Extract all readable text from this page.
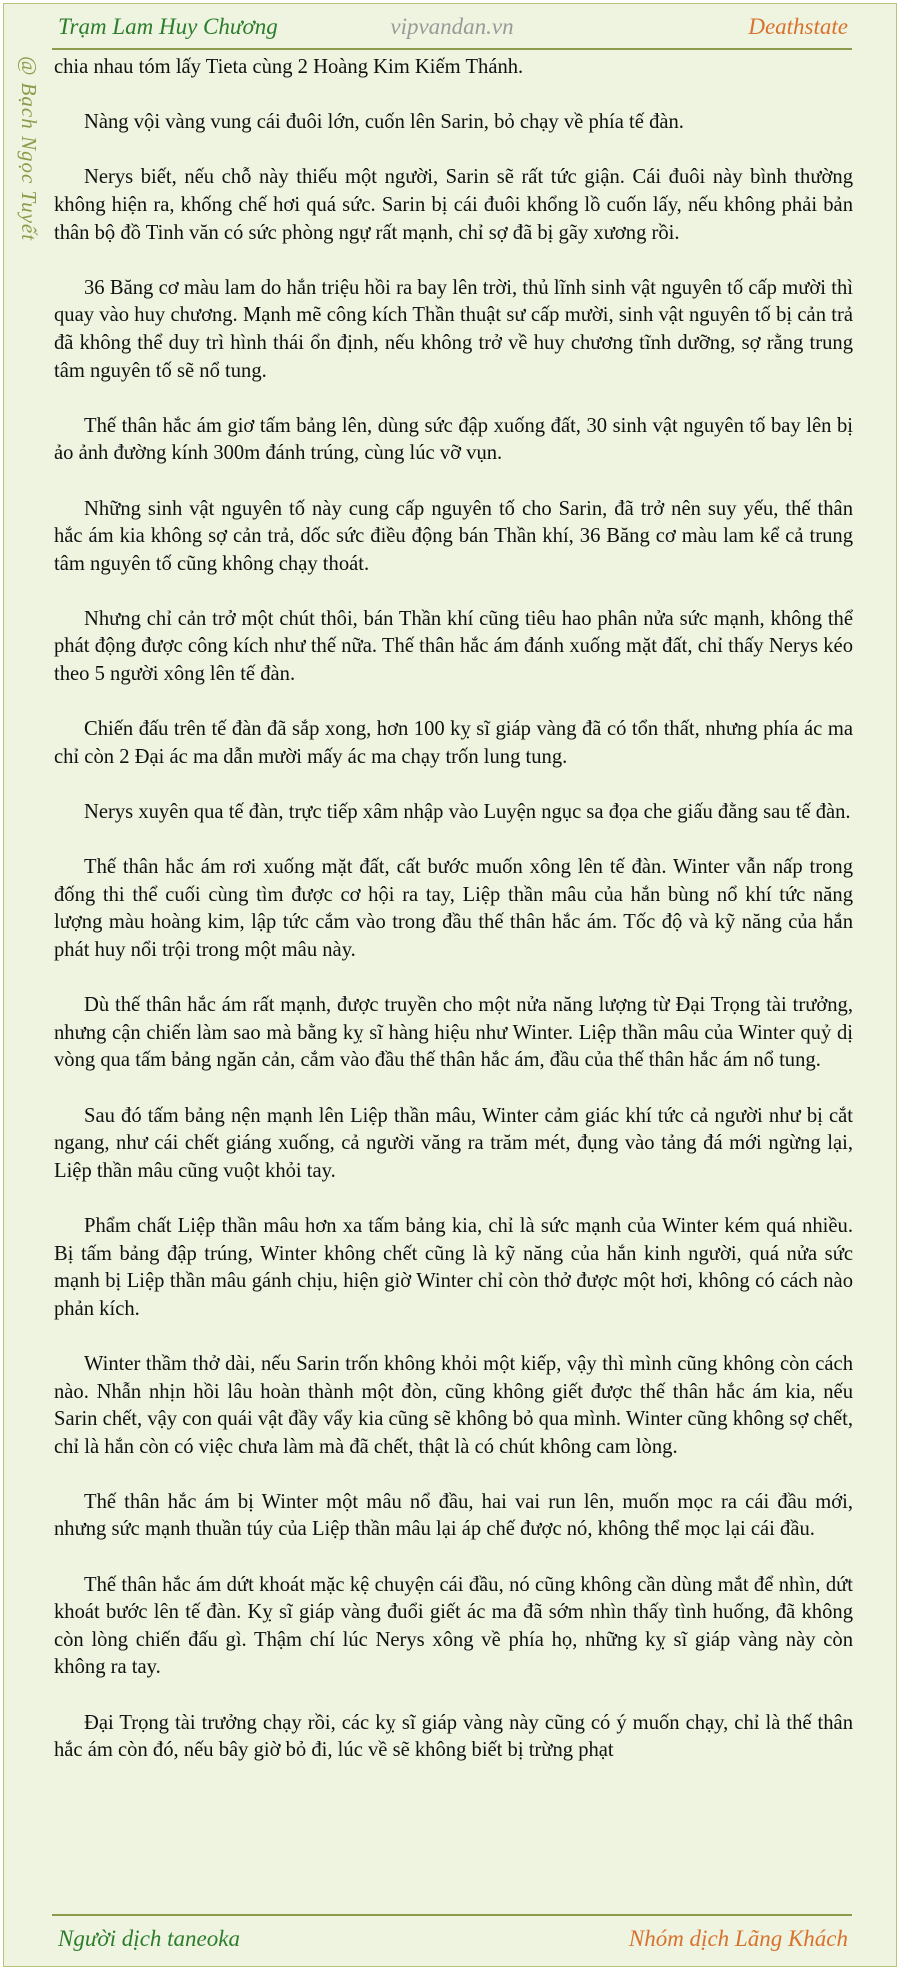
Trạm Lam Huy Chương	vipvandan.vn	Deathstate
@ Bạch Ngọc Tuyết chia nhau tóm lấy Tieta cùng 2 Hoàng Kim Kiếm Thánh.

Nàng vội vàng vung cái đuôi lớn, cuốn lên Sarin, bỏ chạy về phía tế đàn.

Nerys biết, nếu chỗ này thiếu một người, Sarin sẽ rất tức giận. Cái đuôi này bình thường không hiện ra, khống chế hơi quá sức. Sarin bị cái đuôi khổng lồ cuốn lấy, nếu không phải bản thân bộ đồ Tinh văn có sức phòng ngự rất mạnh, chỉ sợ đã bị gãy xương rồi.

36 Băng cơ màu lam do hắn triệu hồi ra bay lên trời, thủ lĩnh sinh vật nguyên tố cấp mười thì quay vào huy chương. Mạnh mẽ công kích Thần thuật sư cấp mười, sinh vật nguyên tố bị cản trả đã không thể duy trì hình thái ổn định, nếu không trở về huy chương tĩnh dưỡng, sợ rằng trung tâm nguyên tố sẽ nổ tung.

Thế thân hắc ám giơ tấm bảng lên, dùng sức đập xuống đất, 30 sinh vật nguyên tố bay lên bị ảo ảnh đường kính 300m đánh trúng, cùng lúc vỡ vụn.

Những sinh vật nguyên tố này cung cấp nguyên tố cho Sarin, đã trở nên suy yếu, thế thân hắc ám kia không sợ cản trả, dốc sức điều động bán Thần khí, 36 Băng cơ màu lam kể cả trung tâm nguyên tố cũng không chạy thoát.

Nhưng chỉ cản trở một chút thôi, bán Thần khí cũng tiêu hao phân nửa sức mạnh, không thể phát động được công kích như thế nữa. Thế thân hắc ám đánh xuống mặt đất, chỉ thấy Nerys kéo theo 5 người xông lên tế đàn.

Chiến đấu trên tế đàn đã sắp xong, hơn 100 kỵ sĩ giáp vàng đã có tổn thất, nhưng phía ác ma chỉ còn 2 Đại ác ma dẫn mười mấy ác ma chạy trốn lung tung.

Nerys xuyên qua tế đàn, trực tiếp xâm nhập vào Luyện ngục sa đọa che giấu đằng sau tế đàn.

Thế thân hắc ám rơi xuống mặt đất, cất bước muốn xông lên tế đàn. Winter vẫn nấp trong đống thi thể cuối cùng tìm được cơ hội ra tay, Liệp thần mâu của hắn bùng nổ khí tức năng lượng màu hoàng kim, lập tức cắm vào trong đầu thế thân hắc ám. Tốc độ và kỹ năng của hắn phát huy nổi trội trong một mâu này.

Dù thế thân hắc ám rất mạnh, được truyền cho một nửa năng lượng từ Đại Trọng tài trưởng, nhưng cận chiến làm sao mà bằng kỵ sĩ hàng hiệu như Winter. Liệp thần mâu của Winter quỷ dị vòng qua tấm bảng ngăn cản, cắm vào đầu thế thân hắc ám, đầu của thế thân hắc ám nổ tung.

Sau đó tấm bảng nện mạnh lên Liệp thần mâu, Winter cảm giác khí tức cả người như bị cắt ngang, như cái chết giáng xuống, cả người văng ra trăm mét, đụng vào tảng đá mới ngừng lại, Liệp thần mâu cũng vuột khỏi tay.

Phẩm chất Liệp thần mâu hơn xa tấm bảng kia, chỉ là sức mạnh của Winter kém quá nhiều. Bị tấm bảng đập trúng, Winter không chết cũng là kỹ năng của hắn kinh người, quá nửa sức mạnh bị Liệp thần mâu gánh chịu, hiện giờ Winter chỉ còn thở được một hơi, không có cách nào phản kích.

Winter thầm thở dài, nếu Sarin trốn không khỏi một kiếp, vậy thì mình cũng không còn cách nào. Nhẫn nhịn hồi lâu hoàn thành một đòn, cũng không giết được thế thân hắc ám kia, nếu Sarin chết, vậy con quái vật đầy vẩy kia cũng sẽ không bỏ qua mình. Winter cũng không sợ chết, chỉ là hắn còn có việc chưa làm mà đã chết, thật là có chút không cam lòng.

Thế thân hắc ám bị Winter một mâu nổ đầu, hai vai run lên, muốn mọc ra cái đầu mới, nhưng sức mạnh thuần túy của Liệp thần mâu lại áp chế được nó, không thể mọc lại cái đầu.

Thế thân hắc ám dứt khoát mặc kệ chuyện cái đầu, nó cũng không cần dùng mắt để nhìn, dứt khoát bước lên tế đàn. Kỵ sĩ giáp vàng đuổi giết ác ma đã sớm nhìn thấy tình huống, đã không còn lòng chiến đấu gì. Thậm chí lúc Nerys xông về phía họ, những kỵ sĩ giáp vàng này còn không ra tay.

Đại Trọng tài trưởng chạy rồi, các kỵ sĩ giáp vàng này cũng có ý muốn chạy, chỉ là thế thân hắc ám còn đó, nếu bây giờ bỏ đi, lúc về sẽ không biết bị trừng phạt

Người dịch taneoka	Nhóm dịch Lãng Khách
